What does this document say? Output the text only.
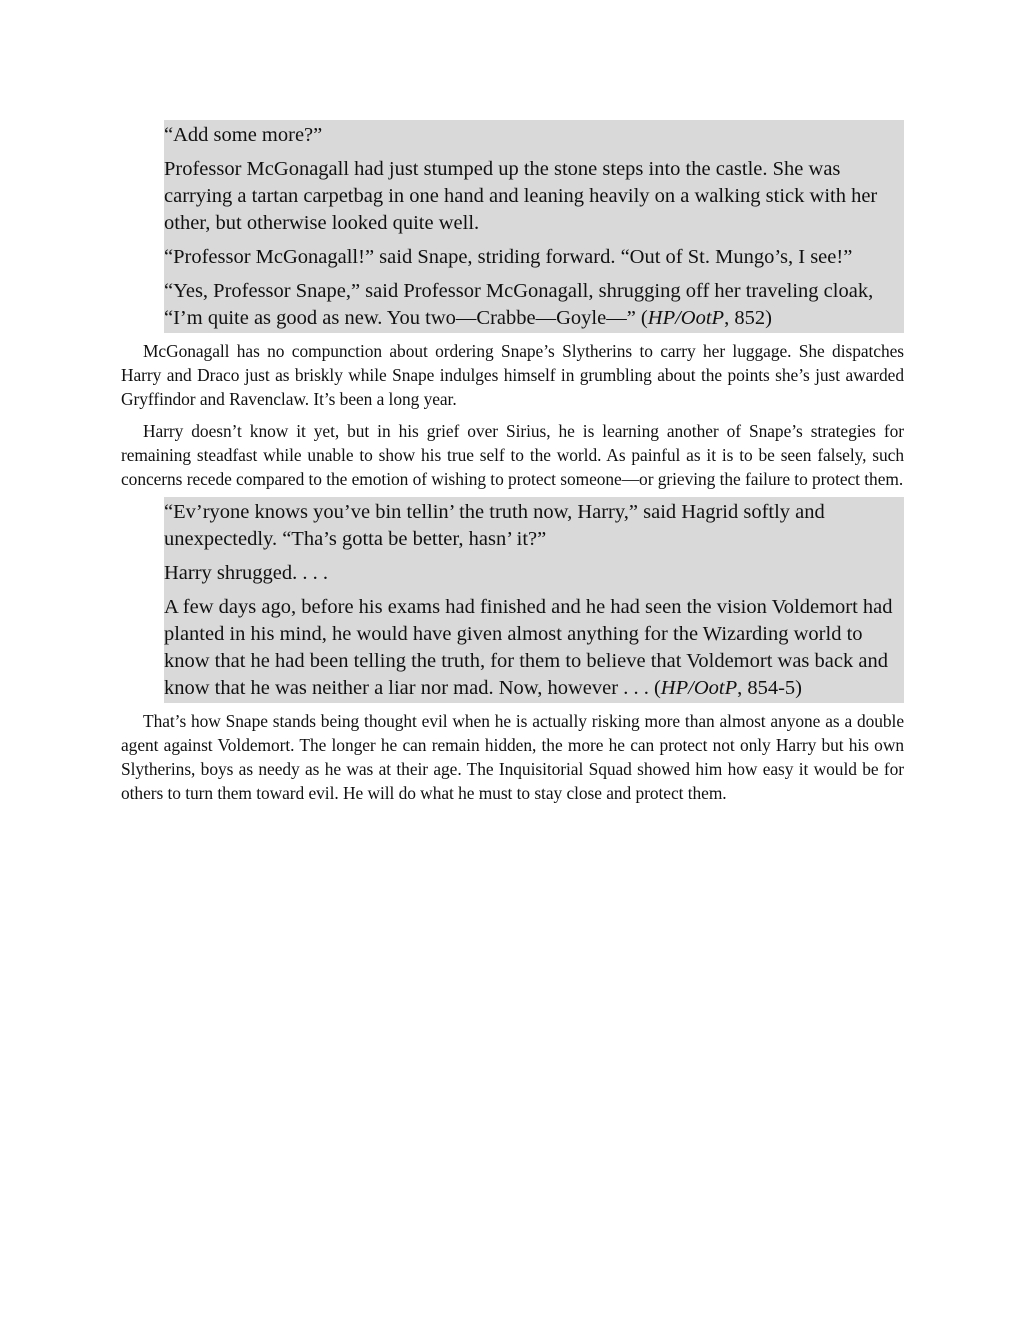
“Add some more?”

Professor McGonagall had just stumped up the stone steps into the castle. She was carrying a tartan carpetbag in one hand and leaning heavily on a walking stick with her other, but otherwise looked quite well.

“Professor McGonagall!” said Snape, striding forward. “Out of St. Mungo’s, I see!”

“Yes, Professor Snape,” said Professor McGonagall, shrugging off her traveling cloak, “I’m quite as good as new. You two—Crabbe—Goyle—” (HP/OotP, 852)

McGonagall has no compunction about ordering Snape’s Slytherins to carry her luggage. She dispatches Harry and Draco just as briskly while Snape indulges himself in grumbling about the points she’s just awarded Gryffindor and Ravenclaw. It’s been a long year.

Harry doesn’t know it yet, but in his grief over Sirius, he is learning another of Snape’s strategies for remaining steadfast while unable to show his true self to the world. As painful as it is to be seen falsely, such concerns recede compared to the emotion of wishing to protect someone—or grieving the failure to protect them.

“Ev’ryone knows you’ve bin tellin’ the truth now, Harry,” said Hagrid softly and unexpectedly. “Tha’s gotta be better, hasn’ it?”

Harry shrugged. . . .

A few days ago, before his exams had finished and he had seen the vision Voldemort had planted in his mind, he would have given almost anything for the Wizarding world to know that he had been telling the truth, for them to believe that Voldemort was back and know that he was neither a liar nor mad. Now, however . . . (HP/OotP, 854-5)

That’s how Snape stands being thought evil when he is actually risking more than almost anyone as a double agent against Voldemort. The longer he can remain hidden, the more he can protect not only Harry but his own Slytherins, boys as needy as he was at their age. The Inquisitorial Squad showed him how easy it would be for others to turn them toward evil. He will do what he must to stay close and protect them.
